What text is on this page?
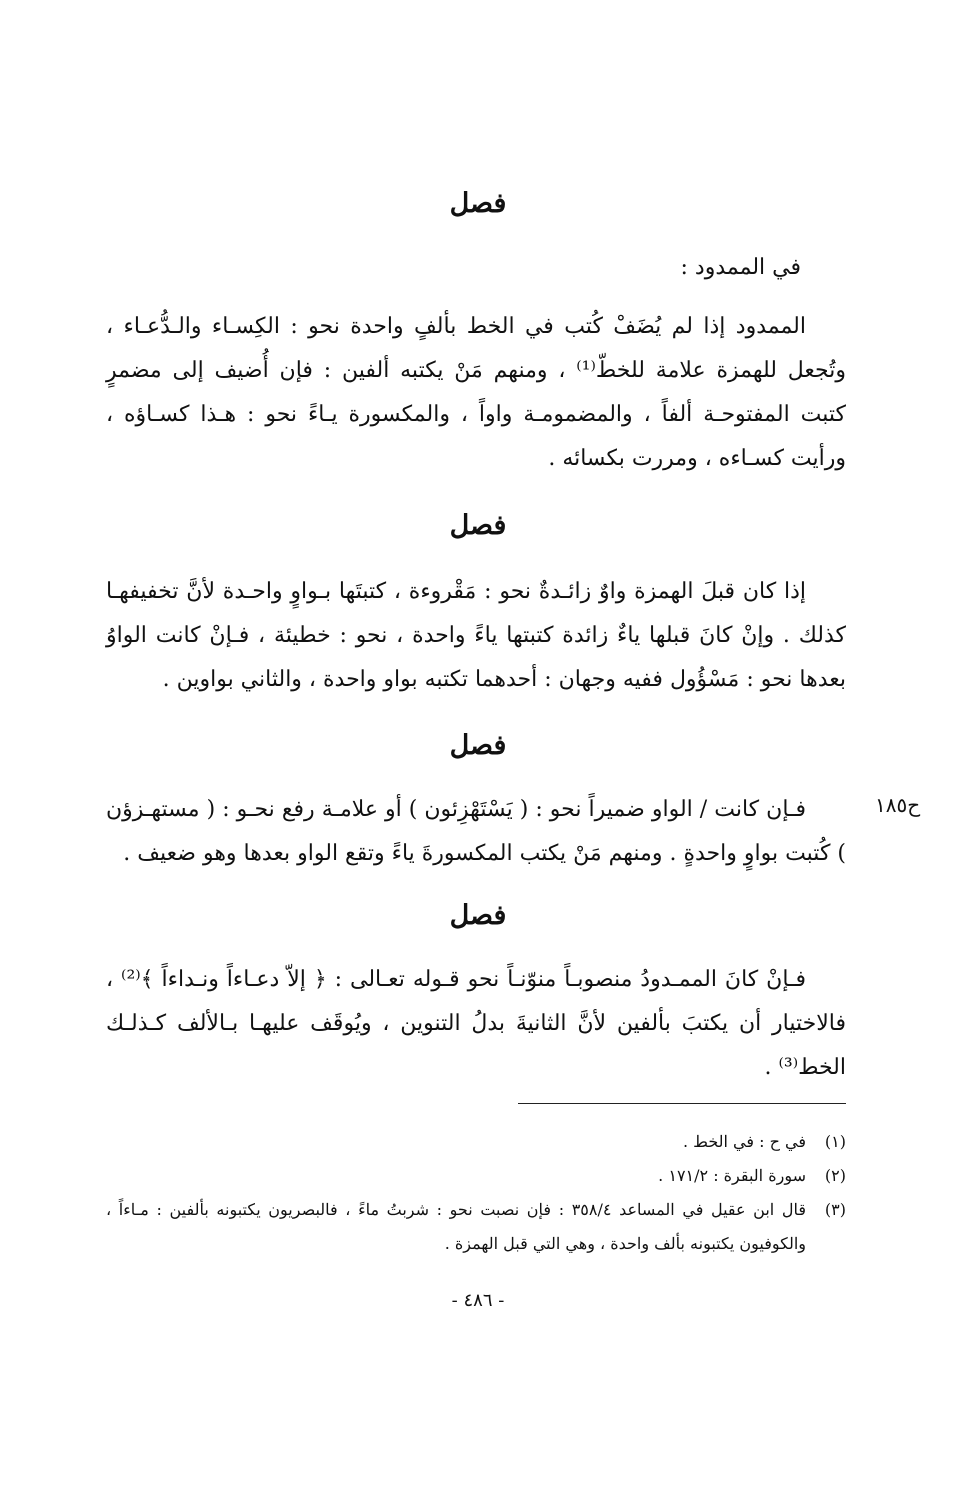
فصل
في الممدود :

الممدود إذا لم يُضَفْ كُتب في الخط بألفٍ واحدة نحو : الكِسـاء والـدُّعـاء ، وتُجعل للهمزة علامة للخطّ⁽¹⁾ ، ومنهم مَنْ يكتبه ألفين : فإن أُضيف إلى مضمرٍ كتبت المفتوحـة ألفاً ، والمضمومـة واواً ، والمكسورة يـاءً نحو : هـذا كسـاؤه ، ورأيت كسـاءه ، ومررت بكسائه .

فصل

إذا كان قبلَ الهمزة واوٌ زائـدةٌ نحو : مَقْروءة ، كتبتَها بـواوٍ واحـدة لأنَّ تخفيفهـا كذلك . وإنْ كانَ قبلها ياءٌ زائدة كتبتها ياءً واحدة ، نحو : خطيئة ، فـإنْ كانت الواوُ بعدها نحو : مَسْؤُول ففيه وجهان : أحدهما تكتبه بواو واحدة ، والثاني بواوين .

فصل
ح١٨٥

فـإن كانت / الواو ضميراً نحو : ( يَسْتَهْزِئون ) أو علامـة رفع نحـو : ( مستهـزؤن ) كُتبت بواوٍ واحدةٍ . ومنهم مَنْ يكتب المكسورةَ ياءً وتقع الواو بعدها وهو ضعيف .

فصل

فـإنْ كانَ الممـدودُ منصوبـاً منوّنـاً نحو قـوله تعـالى : ﴿ إلاّ دعـاءاً ونـداءاً ﴾⁽²⁾ ، فالاختيار أن يكتبَ بألفين لأنَّ الثانيةَ بدلُ التنوين ، ويُوقَف عليهـا بـالألف كـذلـك الخط⁽³⁾ .

(١)
في ح : في الخط .
(٢)
سورة البقرة : ١٧١/٢ .
(٣)
قال ابن عقيل في المساعد ٣٥٨/٤ : فإن نصبت نحو : شربتُ ماءً ، فالبصريون يكتبونه بألفين : مـاءاً ، والكوفيون يكتبونه بألف واحدة ، وهي التي قبل الهمزة .
- ٤٨٦ -
